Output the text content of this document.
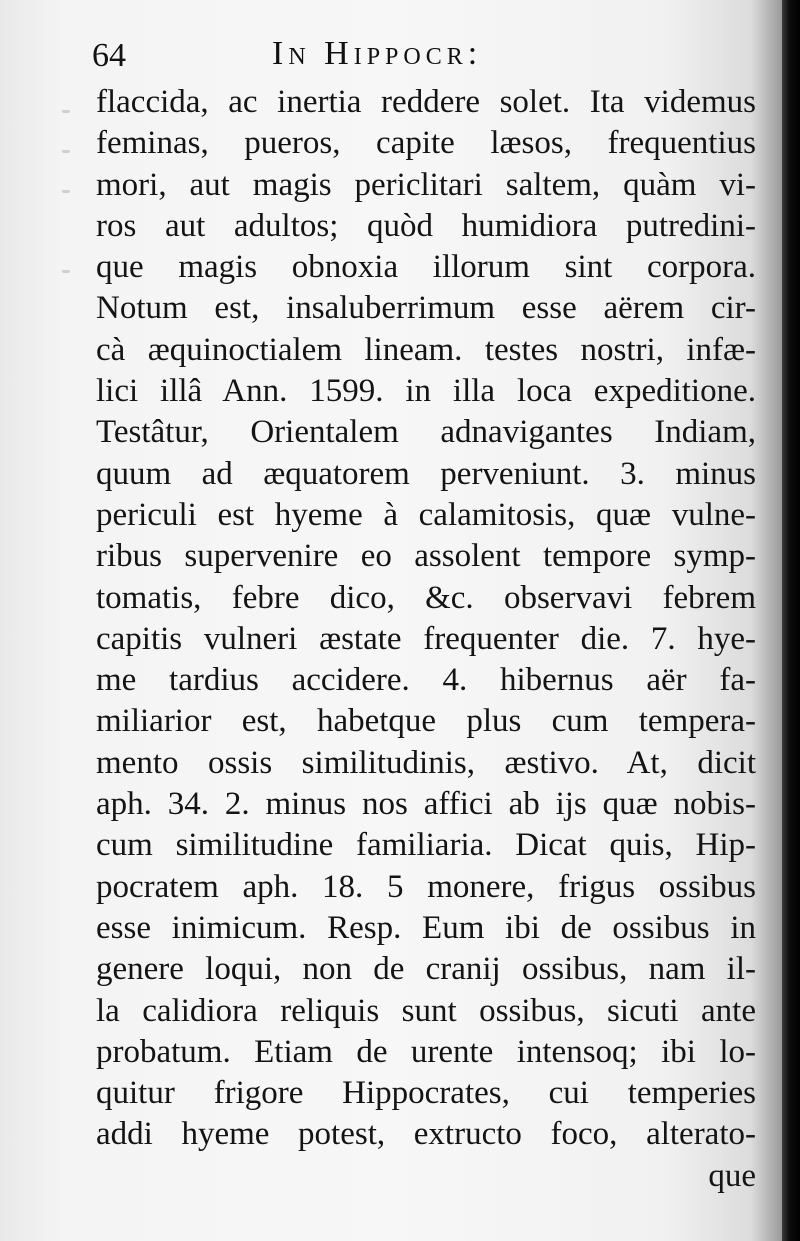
64	In Hippocr:
flaccida, ac inertia reddere solet. Ita videmus
feminas, pueros, capite læsos, frequentius
mori, aut magis periclitari saltem, quàm vi-
ros aut adultos; quòd humidiora putredini-
que magis obnoxia illorum sint corpora.
Notum est, insaluberrimum esse aërem cir-
cà æquinoctialem lineam. testes nostri, infæ-
lici illâ Ann. 1599. in illa loca expeditione.
Testâtur, Orientalem adnavigantes Indiam,
quum ad æquatorem perveniunt. 3. minus
periculi est hyeme à calamitosis, quæ vulne-
ribus supervenire eo assolent tempore symp-
tomatis, febre dico, &c. observavi febrem
capitis vulneri æstate frequenter die. 7. hye-
me tardius accidere. 4. hibernus aër fa-
miliarior est, habetque plus cum tempera-
mento ossis similitudinis, æstivo. At, dicit
aph. 34. 2. minus nos affici ab ijs quæ nobis-
cum similitudine familiaria. Dicat quis, Hip-
pocratem aph. 18. 5 monere, frigus ossibus
esse inimicum. Resp. Eum ibi de ossibus in
genere loqui, non de cranij ossibus, nam il-
la calidiora reliquis sunt ossibus, sicuti ante
probatum. Etiam de urente intensoq; ibi lo-
quitur frigore Hippocrates, cui temperies
addi hyeme potest, extructo foco, alterato-
que
